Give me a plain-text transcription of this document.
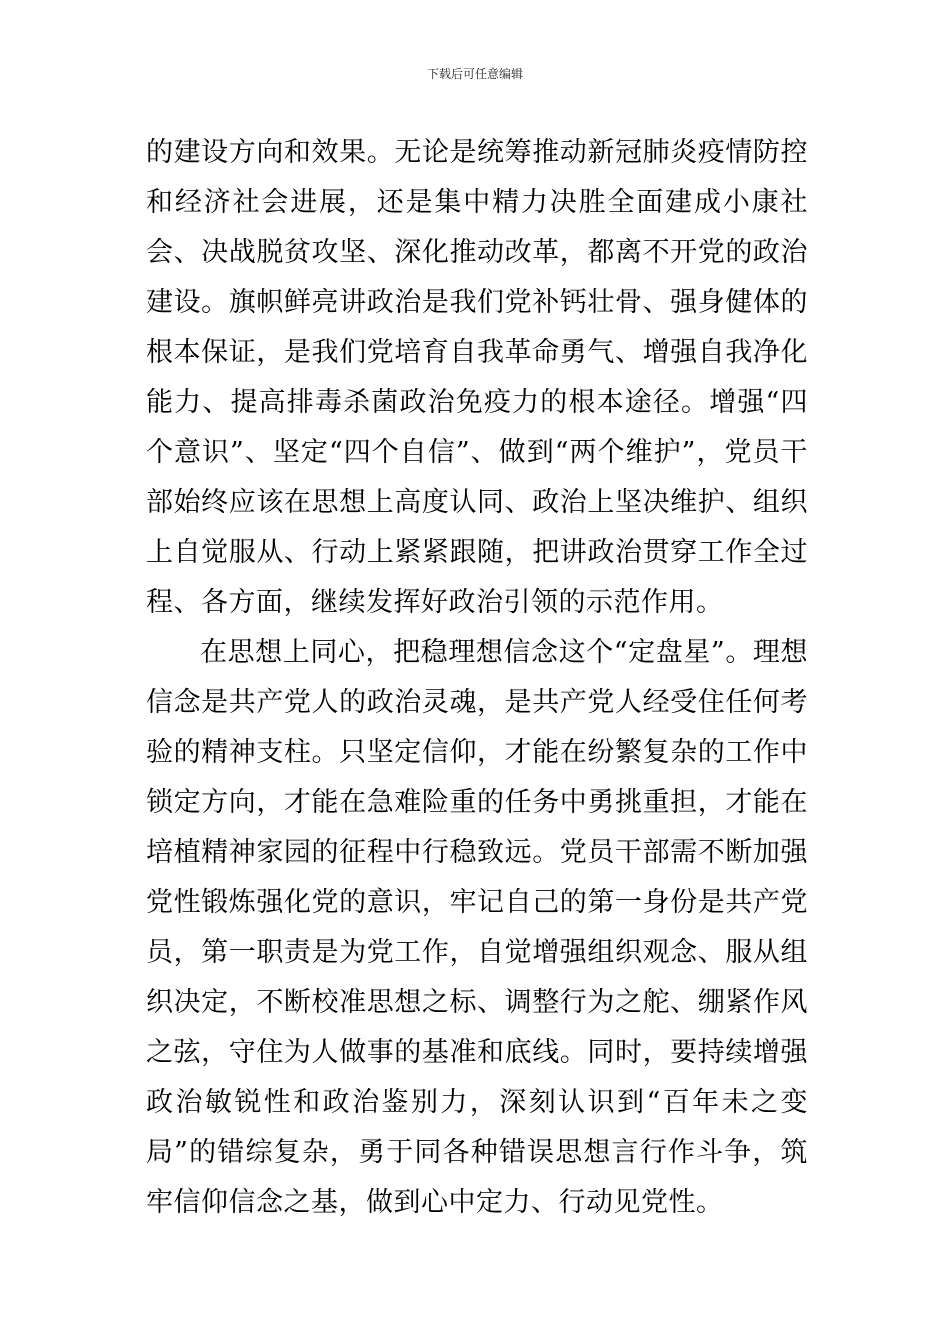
下载后可任意编辑

的建设方向和效果。无论是统筹推动新冠肺炎疫情防控和经济社会进展，还是集中精力决胜全面建成小康社会、决战脱贫攻坚、深化推动改革，都离不开党的政治建设。旗帜鲜亮讲政治是我们党补钙壮骨、强身健体的根本保证，是我们党培育自我革命勇气、增强自我净化能力、提高排毒杀菌政治免疫力的根本途径。增强“四个意识”、坚定“四个自信”、做到“两个维护”，党员干部始终应该在思想上高度认同、政治上坚决维护、组织上自觉服从、行动上紧紧跟随，把讲政治贯穿工作全过程、各方面，继续发挥好政治引领的示范作用。

在思想上同心，把稳理想信念这个“定盘星”。理想信念是共产党人的政治灵魂，是共产党人经受住任何考验的精神支柱。只坚定信仰，才能在纷繁复杂的工作中锁定方向，才能在急难险重的任务中勇挑重担，才能在培植精神家园的征程中行稳致远。党员干部需不断加强党性锻炼强化党的意识，牢记自己的第一身份是共产党员，第一职责是为党工作，自觉增强组织观念、服从组织决定，不断校准思想之标、调整行为之舵、绷紧作风之弦，守住为人做事的基准和底线。同时，要持续增强政治敏锐性和政治鉴别力，深刻认识到“百年未之变局”的错综复杂，勇于同各种错误思想言行作斗争，筑牢信仰信念之基，做到心中定力、行动见党性。
